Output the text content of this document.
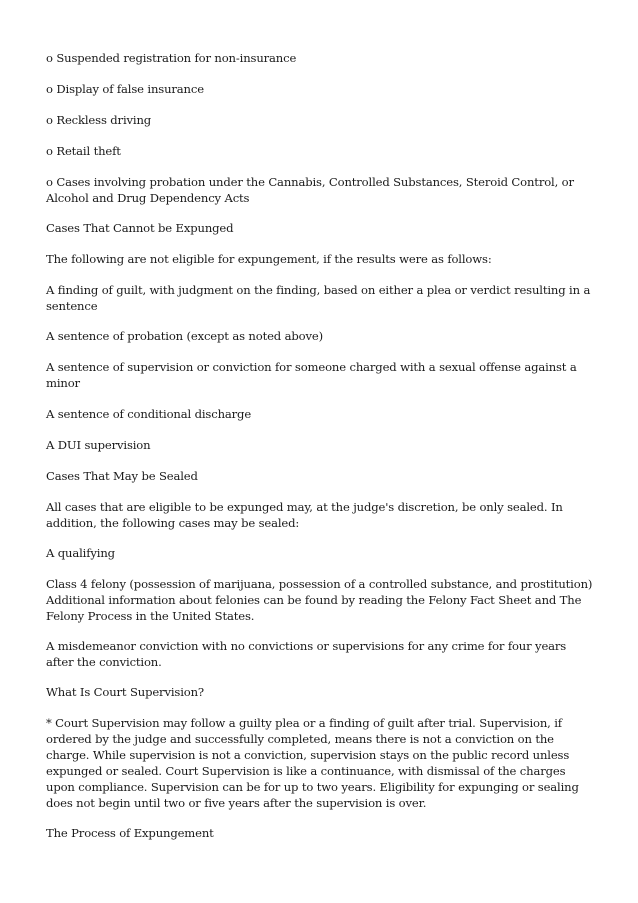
o Suspended registration for non-insurance

o Display of false insurance

o Reckless driving

o Retail theft

o Cases involving probation under the Cannabis, Controlled Substances, Steroid Control, or Alcohol and Drug Dependency Acts

Cases That Cannot be Expunged

The following are not eligible for expungement, if the results were as follows:

A finding of guilt, with judgment on the finding, based on either a plea or verdict resulting in a sentence

A sentence of probation (except as noted above)

A sentence of supervision or conviction for someone charged with a sexual offense against a minor

A sentence of conditional discharge

A DUI supervision

Cases That May be Sealed

All cases that are eligible to be expunged may, at the judge's discretion, be only sealed. In addition, the following cases may be sealed:

A qualifying

Class 4 felony (possession of marijuana, possession of a controlled substance, and prostitution) Additional information about felonies can be found by reading the Felony Fact Sheet and The Felony Process in the United States.

A misdemeanor conviction with no convictions or supervisions for any crime for four years after the conviction.

What Is Court Supervision?

* Court Supervision may follow a guilty plea or a finding of guilt after trial. Supervision, if ordered by the judge and successfully completed, means there is not a conviction on the charge. While supervision is not a conviction, supervision stays on the public record unless expunged or sealed. Court Supervision is like a continuance, with dismissal of the charges upon compliance. Supervision can be for up to two years. Eligibility for expunging or sealing does not begin until two or five years after the supervision is over.

The Process of Expungement
